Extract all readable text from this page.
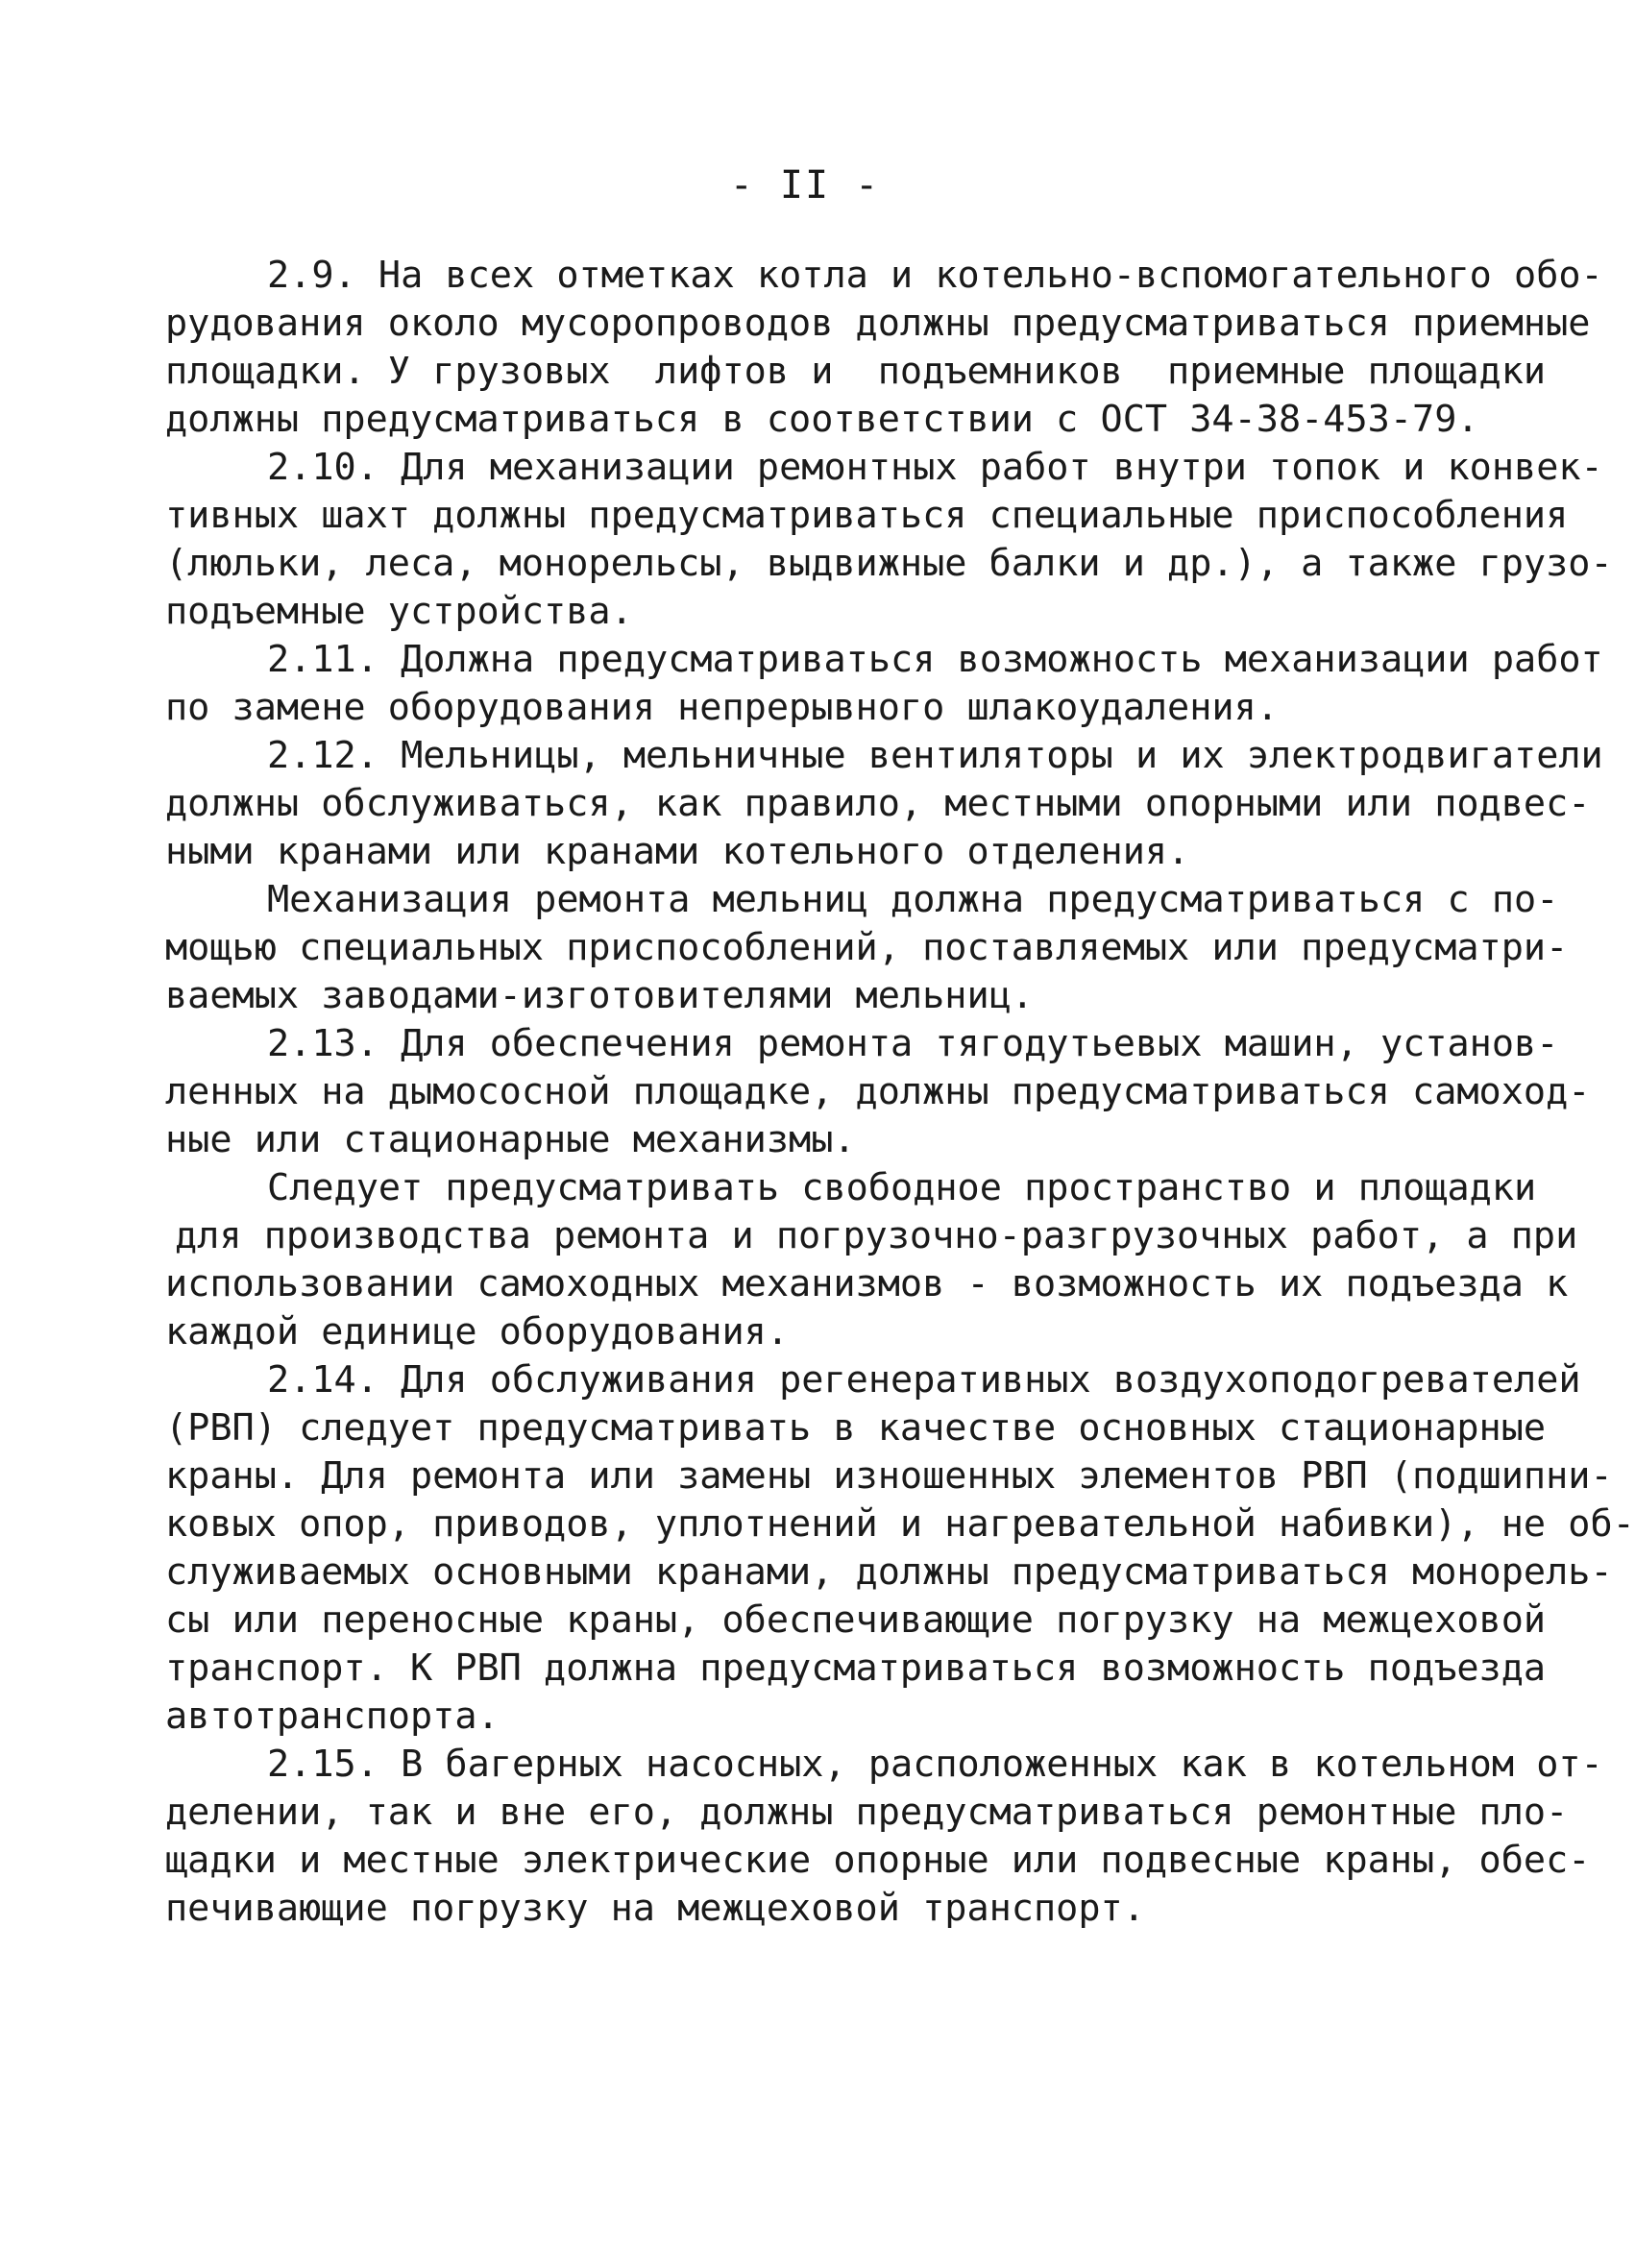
- II -
2.9. На всех отметках котла и котельно-вспомогательного обо-
рудования около мусоропроводов должны предусматриваться приемные
площадки. У грузовых  лифтов и  подъемников  приемные площадки
должны предусматриваться в соответствии с ОСТ 34-38-453-79.
2.10. Для механизации ремонтных работ внутри топок и конвек-
тивных шахт должны предусматриваться специальные приспособления
(люльки, леса, монорельсы, выдвижные балки и др.), а также грузо-
подъемные устройства.
2.11. Должна предусматриваться возможность механизации работ
по замене оборудования непрерывного шлакоудаления.
2.12. Мельницы, мельничные вентиляторы и их электродвигатели
должны обслуживаться, как правило, местными опорными или подвес-
ными кранами или кранами котельного отделения.
Механизация ремонта мельниц должна предусматриваться с по-
мощью специальных приспособлений, поставляемых или предусматри-
ваемых заводами-изготовителями мельниц.
2.13. Для обеспечения ремонта тягодутьевых машин, установ-
ленных на дымососной площадке, должны предусматриваться самоход-
ные или стационарные механизмы.
Следует предусматривать свободное пространство и площадки
для производства ремонта и погрузочно-разгрузочных работ, а при
использовании самоходных механизмов - возможность их подъезда к
каждой единице оборудования.
2.14. Для обслуживания регенеративных воздухоподогревателей
(РВП) следует предусматривать в качестве основных стационарные
краны. Для ремонта или замены изношенных элементов РВП (подшипни-
ковых опор, приводов, уплотнений и нагревательной набивки), не об-
служиваемых основными кранами, должны предусматриваться монорель-
сы или переносные краны, обеспечивающие погрузку на межцеховой
транспорт. К РВП должна предусматриваться возможность подъезда
автотранспорта.
2.15. В багерных насосных, расположенных как в котельном от-
делении, так и вне его, должны предусматриваться ремонтные пло-
щадки и местные электрические опорные или подвесные краны, обес-
печивающие погрузку на межцеховой транспорт.
